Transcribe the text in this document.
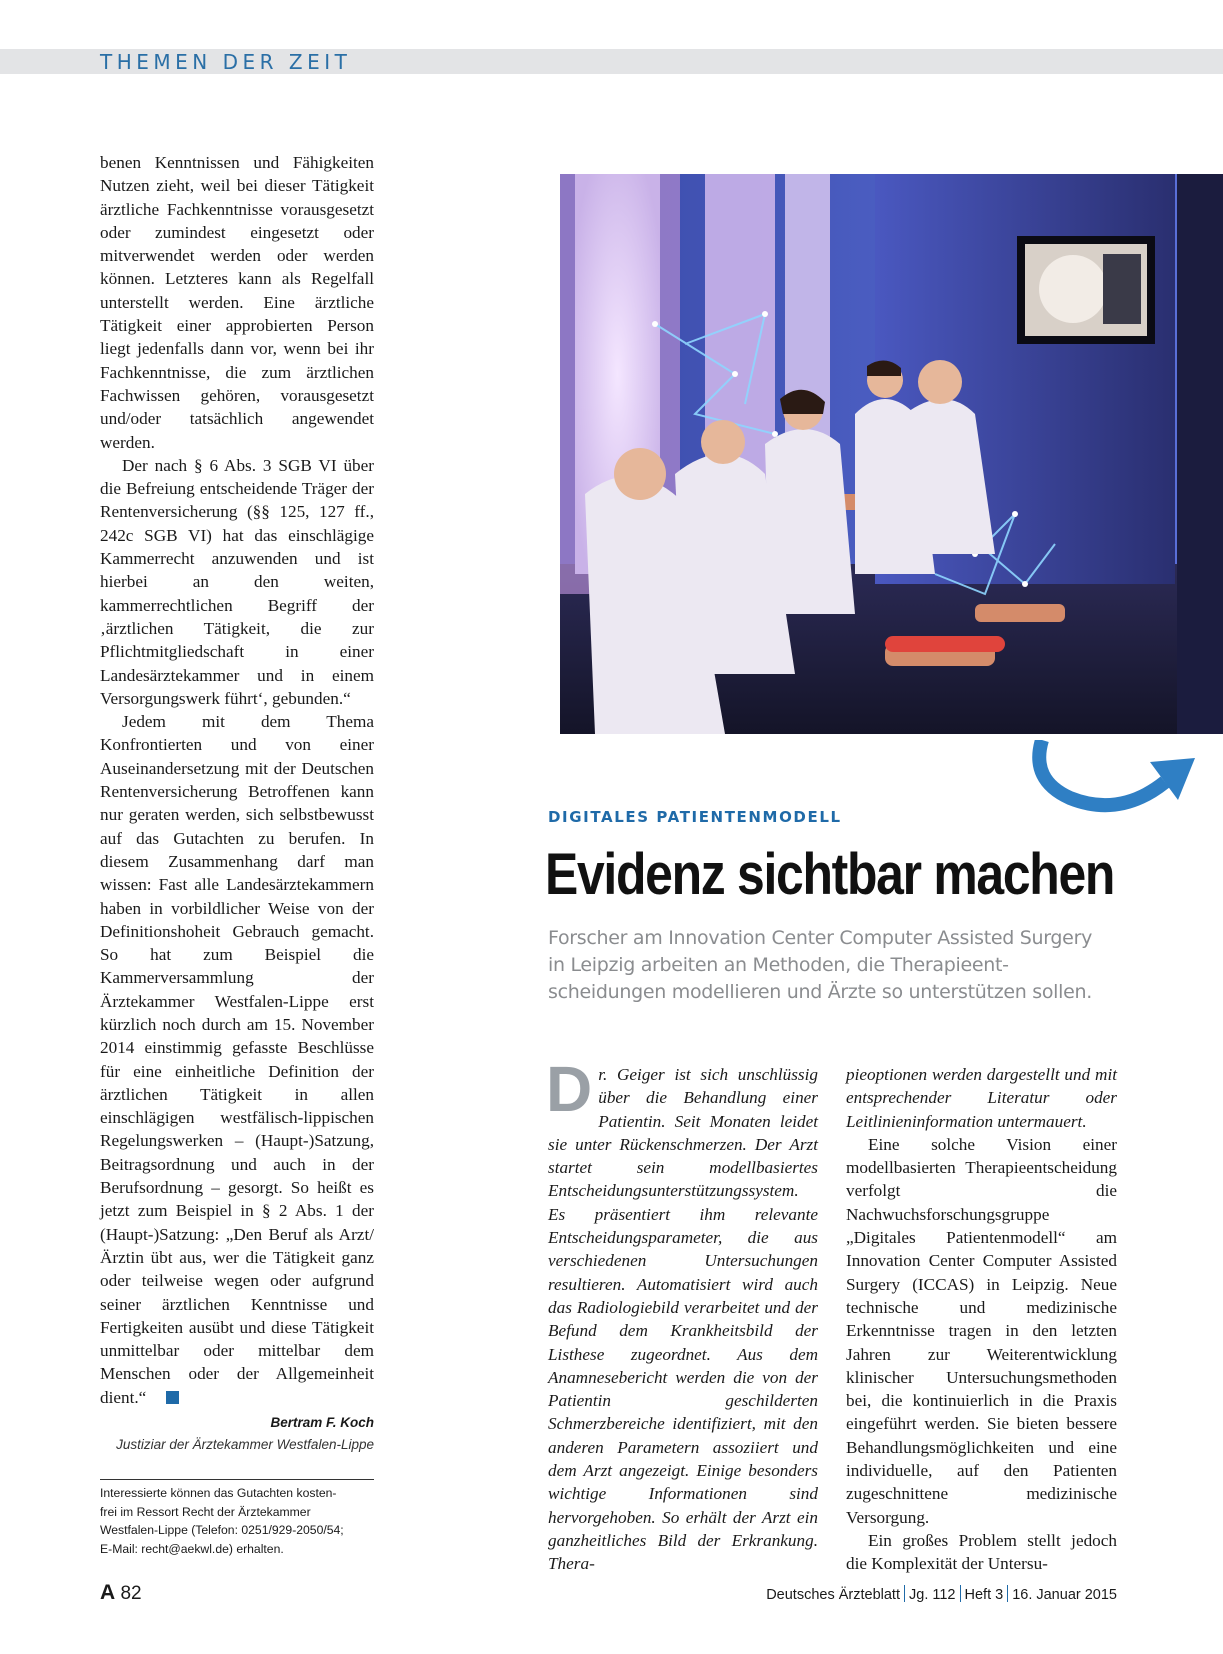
THEMEN DER ZEIT

benen Kenntnissen und Fähigkeiten Nutzen zieht, weil bei dieser Tätigkeit ärztliche Fachkenntnisse vorausgesetzt oder zumindest eingesetzt oder mitverwendet werden oder werden können. Letzteres kann als Regelfall unterstellt werden. Eine ärztliche Tätigkeit einer approbierten Person liegt jedenfalls dann vor, wenn bei ihr Fachkenntnisse, die zum ärztlichen Fachwissen gehören, vorausgesetzt und/oder tatsächlich angewendet werden.

Der nach § 6 Abs. 3 SGB VI über die Befreiung entscheidende Träger der Rentenversicherung (§§ 125, 127 ff., 242c SGB VI) hat das einschlägige Kammerrecht anzuwenden und ist hierbei an den weiten, kammerrechtlichen Begriff der ‚ärztlichen Tätigkeit, die zur Pflichtmitgliedschaft in einer Landesärztekammer und in einem Versorgungswerk führt‘, gebunden.“

Jedem mit dem Thema Konfrontierten und von einer Auseinandersetzung mit der Deutschen Rentenversicherung Betroffenen kann nur geraten werden, sich selbstbewusst auf das Gutachten zu berufen. In diesem Zusammenhang darf man wissen: Fast alle Landesärztekammern haben in vorbildlicher Weise von der Definitionshoheit Gebrauch gemacht. So hat zum Beispiel die Kammerversammlung der Ärztekammer Westfalen-Lippe erst kürzlich noch durch am 15. November 2014 einstimmig gefasste Beschlüsse für eine einheitliche Definition der ärztlichen Tätigkeit in allen einschlägigen westfälisch-lippischen Regelungswerken – (Haupt-)Satzung, Beitragsordnung und auch in der Berufsordnung – gesorgt. So heißt es jetzt zum Beispiel in § 2 Abs. 1 der (Haupt-)Satzung: „Den Beruf als Arzt/Ärztin übt aus, wer die Tätigkeit ganz oder teilweise wegen oder aufgrund seiner ärztlichen Kenntnisse und Fertigkeiten ausübt und diese Tätigkeit unmittelbar oder mittelbar dem Menschen oder der Allgemeinheit dient.“

Bertram F. Koch
Justiziar der Ärztekammer Westfalen-Lippe
Interessierte können das Gutachten kosten-
frei im Ressort Recht der Ärztekammer
Westfalen-Lippe (Telefon: 0251/929-2050/54;
E-Mail: recht@aekwl.de) erhalten.
DIGITALES PATIENTENMODELL
Evidenz sichtbar machen
Forscher am Innovation Center Computer Assisted Surgery
in Leipzig arbeiten an Methoden, die Therapieent-
scheidungen modellieren und Ärzte so unterstützen sollen.
D r. Geiger ist sich unschlüssig über die Behandlung einer Patientin. Seit Monaten leidet sie unter Rückenschmerzen. Der Arzt startet sein modellbasiertes Entscheidungsunterstützungssystem. Es präsentiert ihm relevante Entscheidungsparameter, die aus verschiedenen Untersuchungen resultieren. Automatisiert wird auch das Radiologiebild verarbeitet und der Befund dem Krankheitsbild der Listhese zugeordnet. Aus dem Anamnesebericht werden die von der Patientin geschilderten Schmerzbereiche identifiziert, mit den anderen Parametern assoziiert und dem Arzt angezeigt. Einige besonders wichtige Informationen sind hervorgehoben. So erhält der Arzt ein ganzheitliches Bild der Erkrankung. Thera-

pieoptionen werden dargestellt und mit entsprechender Literatur oder Leitlinieninformation untermauert.

Eine solche Vision einer modellbasierten Therapieentscheidung verfolgt die Nachwuchsforschungsgruppe „Digitales Patientenmodell“ am Innovation Center Computer Assisted Surgery (ICCAS) in Leipzig. Neue technische und medizinische Erkenntnisse tragen in den letzten Jahren zur Weiterentwicklung klinischer Untersuchungsmethoden bei, die kontinuierlich in die Praxis eingeführt werden. Sie bieten bessere Behandlungsmöglichkeiten und eine individuelle, auf den Patienten zugeschnittene medizinische Versorgung.

Ein großes Problem stellt jedoch die Komplexität der Untersu-

A 82	Deutsches Ärzteblatt Jg. 112 Heft 3 16. Januar 2015
